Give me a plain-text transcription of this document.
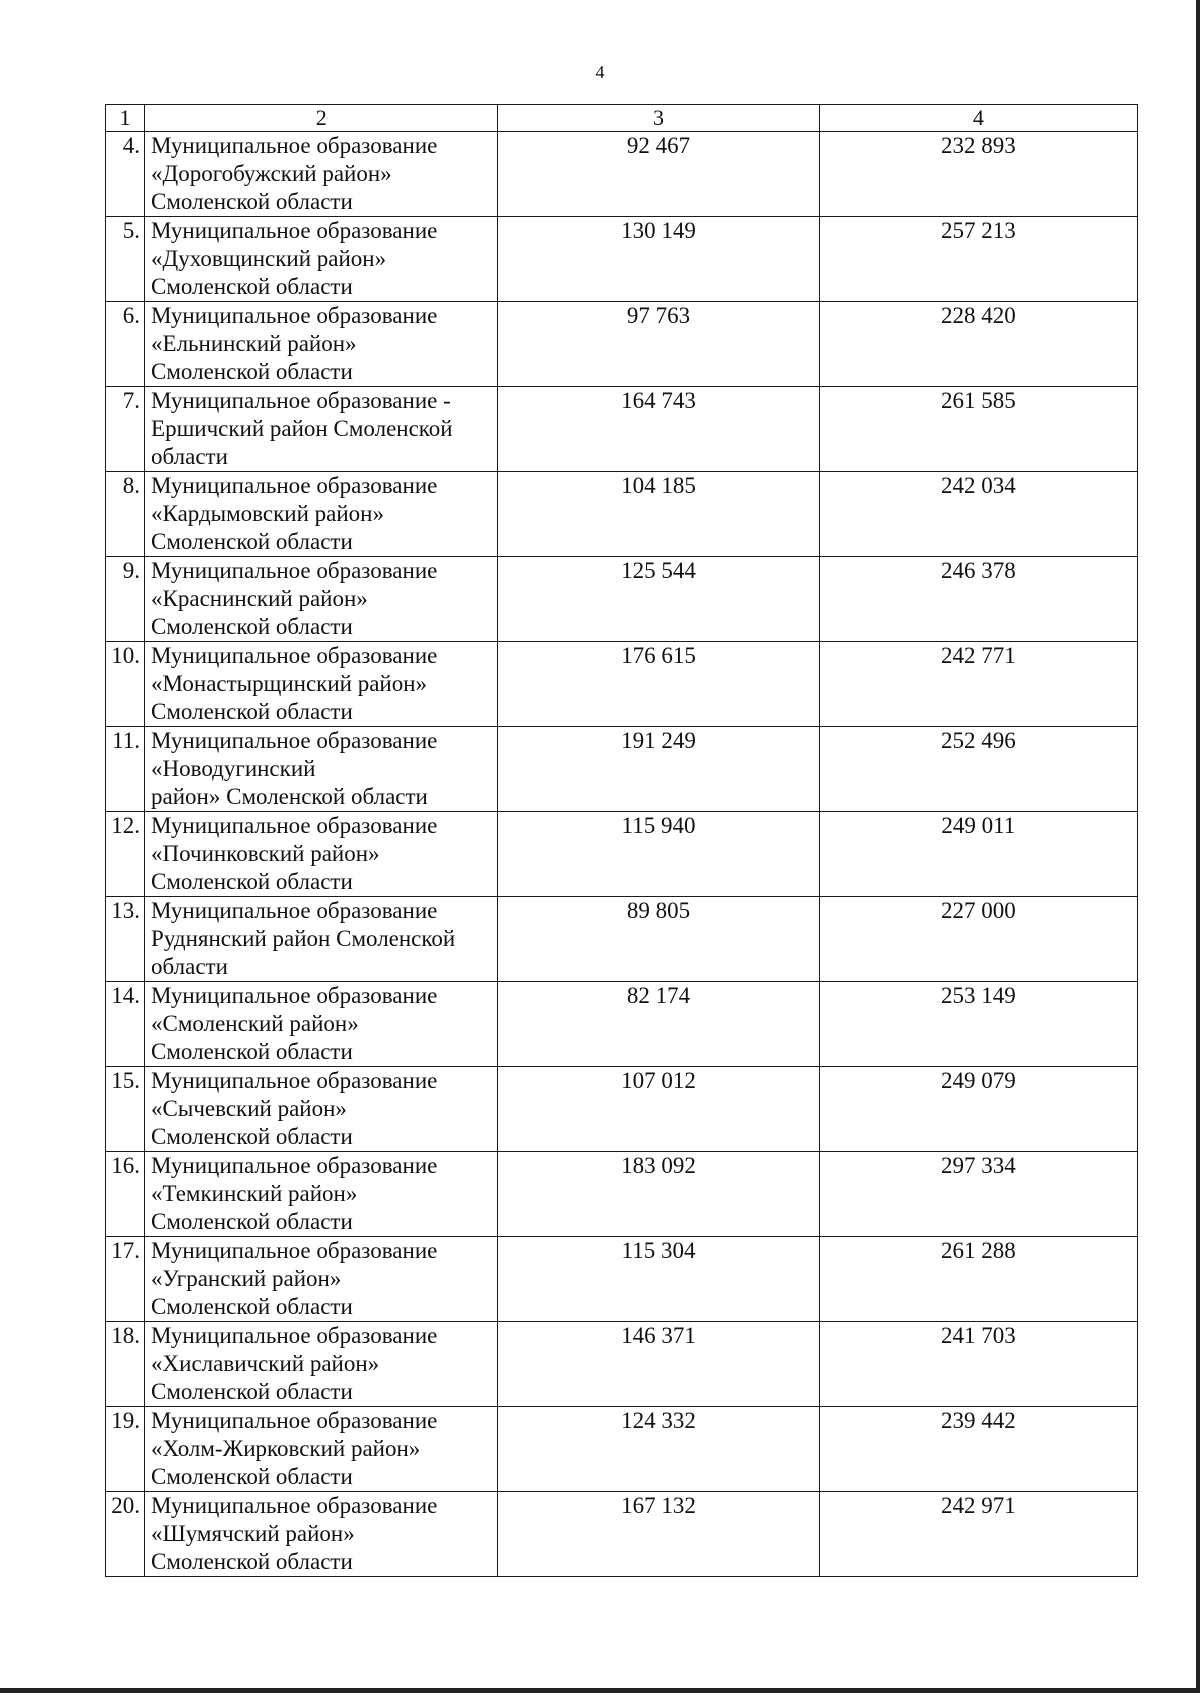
4
1	2	3	4
4.	Муниципальное образование
«Дорогобужский район»
Смоленской области	92 467	232 893
5.	Муниципальное образование
«Духовщинский район»
Смоленской области	130 149	257 213
6.	Муниципальное образование
«Ельнинский район»
Смоленской области	97 763	228 420
7.	Муниципальное образование -
Ершичский район Смоленской
области	164 743	261 585
8.	Муниципальное образование
«Кардымовский район»
Смоленской области	104 185	242 034
9.	Муниципальное образование
«Краснинский район»
Смоленской области	125 544	246 378
10.	Муниципальное образование
«Монастырщинский район»
Смоленской области	176 615	242 771
11.	Муниципальное образование
«Новодугинский
район» Смоленской области	191 249	252 496
12.	Муниципальное образование
«Починковский район»
Смоленской области	115 940	249 011
13.	Муниципальное образование
Руднянский район Смоленской
области	89 805	227 000
14.	Муниципальное образование
«Смоленский район»
Смоленской области	82 174	253 149
15.	Муниципальное образование
«Сычевский район»
Смоленской области	107 012	249 079
16.	Муниципальное образование
«Темкинский район»
Смоленской области	183 092	297 334
17.	Муниципальное образование
«Угранский район»
Смоленской области	115 304	261 288
18.	Муниципальное образование
«Хиславичский район»
Смоленской области	146 371	241 703
19.	Муниципальное образование
«Холм-Жирковский район»
Смоленской области	124 332	239 442
20.	Муниципальное образование
«Шумячский район»
Смоленской области	167 132	242 971
